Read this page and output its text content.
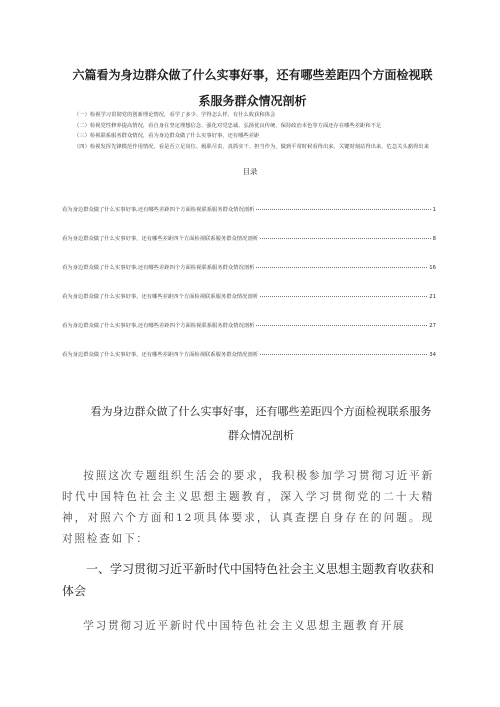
六篇看为身边群众做了什么实事好事，还有哪些差距四个方面检视联系服务群众情况剖析
（一）检视学习贯彻党的创新理论情况，看学了多少、学得怎么样，有什么收获和体会
（二）检视党性修养提高情况，看自身在坚定理想信念、强化对党忠诚、弘扬优良传统、保持政治本色等方面还存在哪些差距和不足
（三）检视联系服务群众情况，看为身边群众做了什么实事好事，还有哪些差距
（四）检视发挥先锋模范作用情况，看是否立足岗位、履职尽责、真抓实干、担当作为，做到平常时候看得出来、关键时刻站得出来、危急关头豁得出来
目录
看为身边群众做了什么实事好事,还有哪些差距四个方面检视联系服务群众情况剖析	1
看为身边群众做了什么实事好事，还有哪些差距四个方面检视联系服务群众情况剖析	8
看为身边群众做了什么实事好事,还有哪些差距四个方面检视联系服务群众情况剖析	16
看为身边群众做了什么实事好事，还有哪些差距四个方面检视联系服务群众情况剖析	21
看为身边群众做了什么实事好事,还有哪些差距四个方面检视联系服务群众情况剖析	27
看为身边群众做了什么实事好事，还有哪些差距四个方面检视联系服务群众情况剖析	34
看为身边群众做了什么实事好事，还有哪些差距四个方面检视联系服务群众情况剖析

按照这次专题组织生活会的要求，我积极参加学习贯彻习近平新时代中国特色社会主义思想主题教育，深入学习贯彻党的二十大精神，对照六个方面和12项具体要求，认真查摆自身存在的问题。现对照检查如下：

一、学习贯彻习近平新时代中国特色社会主义思想主题教育收获和体会

学习贯彻习近平新时代中国特色社会主义思想主题教育开展
